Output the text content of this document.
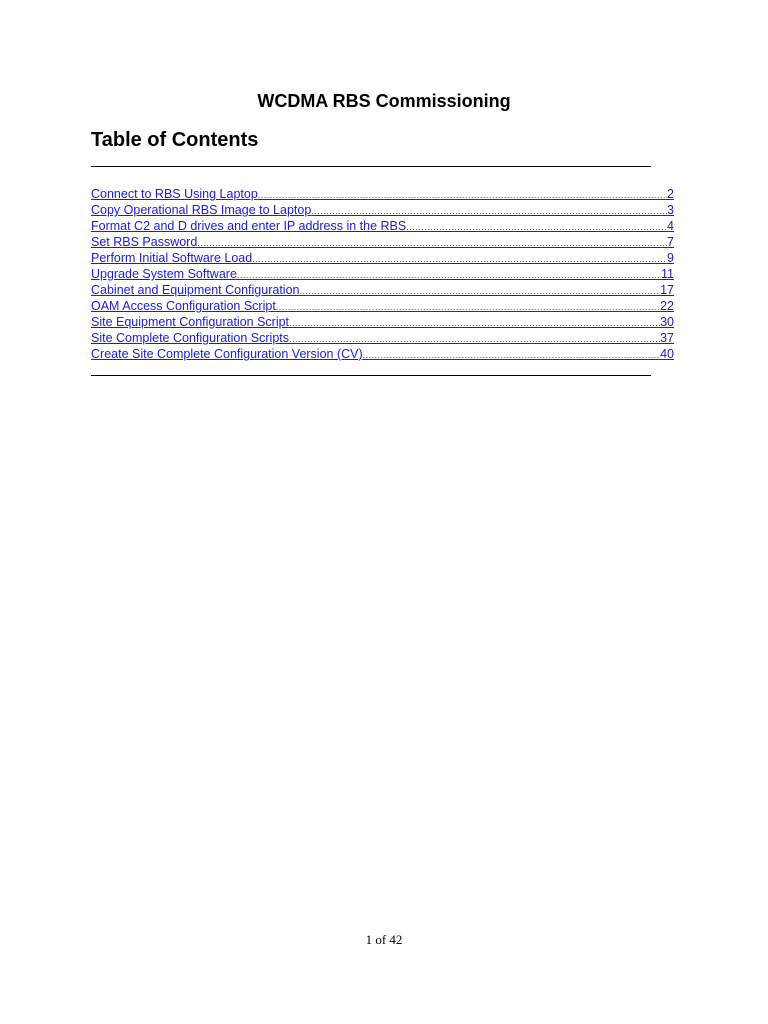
WCDMA RBS Commissioning
Table of Contents
Connect to RBS Using Laptop .....	2
Copy Operational RBS Image to Laptop .....	3
Format C2 and D drives and enter IP address in the RBS .....	4
Set RBS Password .....	7
Perform Initial Software Load .....	9
Upgrade System Software .....	11
Cabinet and Equipment Configuration .....	17
OAM Access Configuration Script .....	22
Site Equipment Configuration Script .....	30
Site Complete Configuration Scripts .....	37
Create Site Complete Configuration Version (CV) .....	40
1 of 42
